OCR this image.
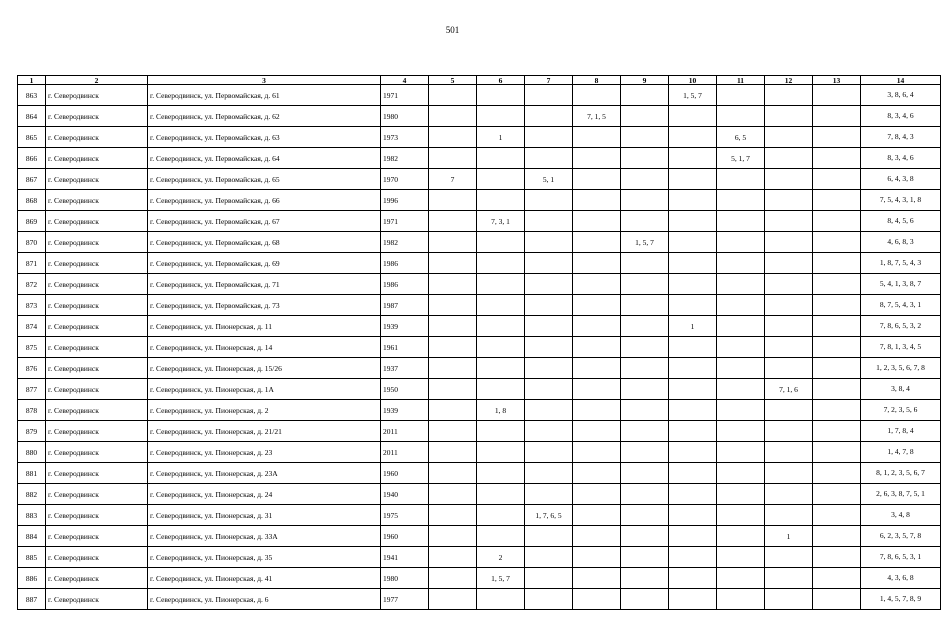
501
1	2	3	4	5	6	7	8	9	10	11	12	13	14
863	г. Северодвинск	г. Северодвинск, ул. Первомайская, д. 61	1971						1, 5, 7				3, 8, 6, 4
864	г. Северодвинск	г. Северодвинск, ул. Первомайская, д. 62	1980				7, 1, 5						8, 3, 4, 6
865	г. Северодвинск	г. Северодвинск, ул. Первомайская, д. 63	1973		1					6, 5			7, 8, 4, 3
866	г. Северодвинск	г. Северодвинск, ул. Первомайская, д. 64	1982							5, 1, 7			8, 3, 4, 6
867	г. Северодвинск	г. Северодвинск, ул. Первомайская, д. 65	1970	7		5, 1							6, 4, 3, 8
868	г. Северодвинск	г. Северодвинск, ул. Первомайская, д. 66	1996										7, 5, 4, 3, 1, 8
869	г. Северодвинск	г. Северодвинск, ул. Первомайская, д. 67	1971		7, 3, 1								8, 4, 5, 6
870	г. Северодвинск	г. Северодвинск, ул. Первомайская, д. 68	1982					1, 5, 7					4, 6, 8, 3
871	г. Северодвинск	г. Северодвинск, ул. Первомайская, д. 69	1986										1, 8, 7, 5, 4, 3
872	г. Северодвинск	г. Северодвинск, ул. Первомайская, д. 71	1986										5, 4, 1, 3, 8, 7
873	г. Северодвинск	г. Северодвинск, ул. Первомайская, д. 73	1987										8, 7, 5, 4, 3, 1
874	г. Северодвинск	г. Северодвинск, ул. Пионерская, д. 11	1939						1				7, 8, 6, 5, 3, 2
875	г. Северодвинск	г. Северодвинск, ул. Пионерская, д. 14	1961										7, 8, 1, 3, 4, 5
876	г. Северодвинск	г. Северодвинск, ул. Пионерская, д. 15/26	1937										1, 2, 3, 5, 6, 7, 8
877	г. Северодвинск	г. Северодвинск, ул. Пионерская, д. 1А	1950								7, 1, 6		3, 8, 4
878	г. Северодвинск	г. Северодвинск, ул. Пионерская, д. 2	1939		1, 8								7, 2, 3, 5, 6
879	г. Северодвинск	г. Северодвинск, ул. Пионерская, д. 21/21	2011										1, 7, 8, 4
880	г. Северодвинск	г. Северодвинск, ул. Пионерская, д. 23	2011										1, 4, 7, 8
881	г. Северодвинск	г. Северодвинск, ул. Пионерская, д. 23А	1960										8, 1, 2, 3, 5, 6, 7
882	г. Северодвинск	г. Северодвинск, ул. Пионерская, д. 24	1940										2, 6, 3, 8, 7, 5, 1
883	г. Северодвинск	г. Северодвинск, ул. Пионерская, д. 31	1975			1, 7, 6, 5							3, 4, 8
884	г. Северодвинск	г. Северодвинск, ул. Пионерская, д. 33А	1960								1		6, 2, 3, 5, 7, 8
885	г. Северодвинск	г. Северодвинск, ул. Пионерская, д. 35	1941		2								7, 8, 6, 5, 3, 1
886	г. Северодвинск	г. Северодвинск, ул. Пионерская, д. 41	1980		1, 5, 7								4, 3, 6, 8
887	г. Северодвинск	г. Северодвинск, ул. Пионерская, д. 6	1977										1, 4, 5, 7, 8, 9
